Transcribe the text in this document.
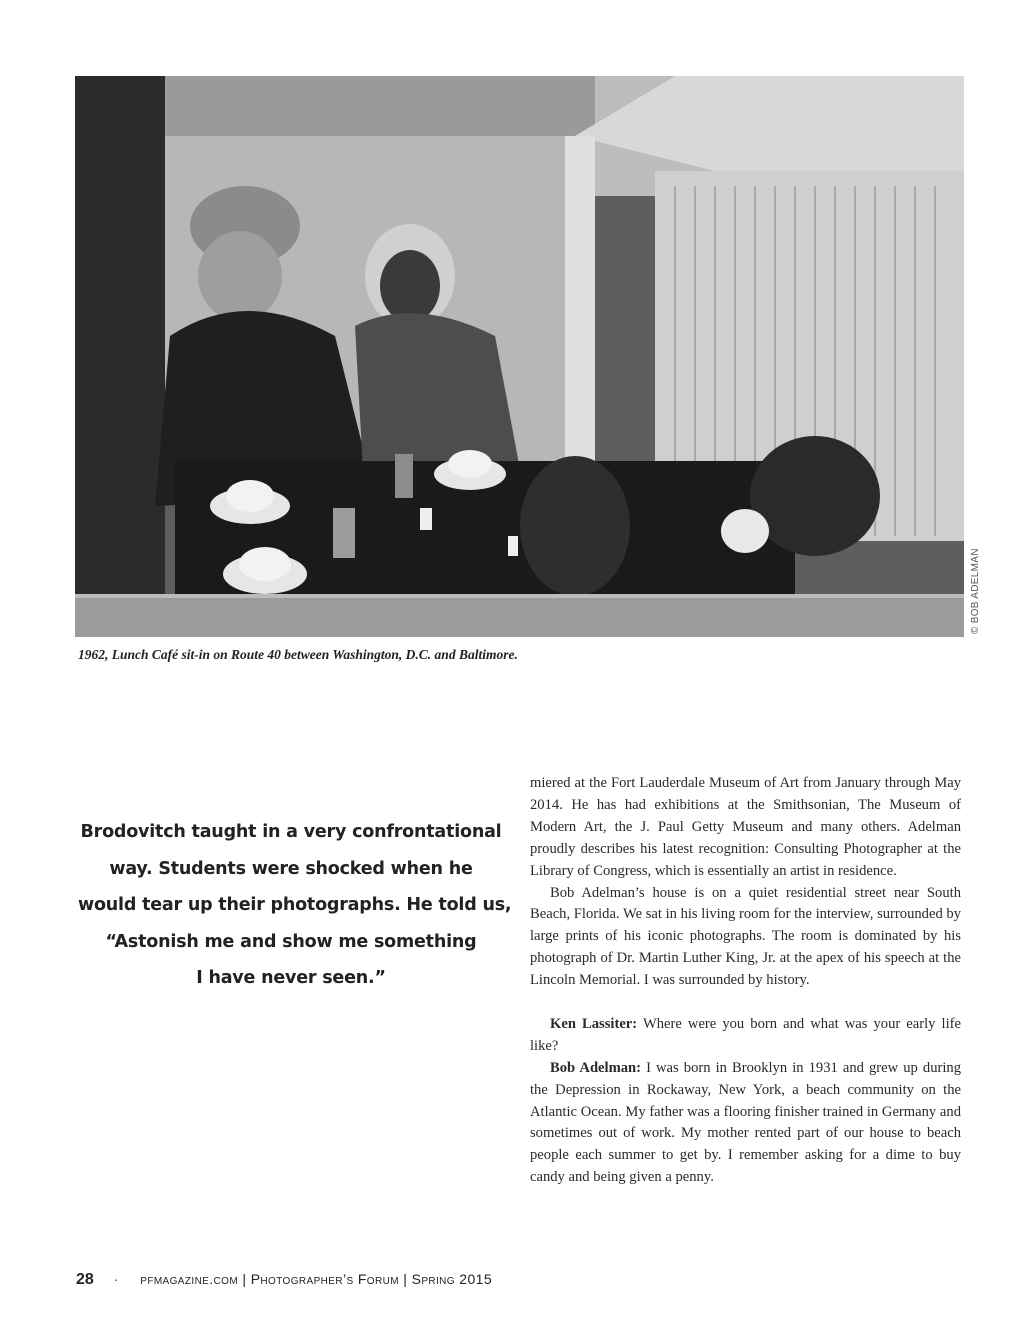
© BOB ADELMAN
1962, Lunch Café sit-in on Route 40 between Washington, D.C. and Baltimore.
Brodovitch taught in a very confrontational
way. Students were shocked when he
would tear up their photographs. He told us,
“Astonish me and show me something
I have never seen.”

miered at the Fort Lauderdale Museum of Art from January through May 2014. He has had exhibitions at the Smithsonian, The Museum of Modern Art, the J. Paul Getty Museum and many others. Adelman proudly describes his latest recognition: Consulting Photographer at the Library of Congress, which is essentially an artist in residence.

Bob Adelman’s house is on a quiet residential street near South Beach, Florida. We sat in his living room for the interview, surrounded by large prints of his iconic photographs. The room is dominated by his photograph of Dr. Martin Luther King, Jr. at the apex of his speech at the Lincoln Memorial. I was surrounded by history.

Ken Lassiter: Where were you born and what was your early life like?

Bob Adelman: I was born in Brooklyn in 1931 and grew up during the Depression in Rockaway, New York, a beach community on the Atlantic Ocean. My father was a flooring finisher trained in Germany and sometimes out of work. My mother rented part of our house to beach people each summer to get by. I remember asking for a dime to buy candy and being given a penny.

28 · pfmagazine.com | Photographer’s Forum | Spring 2015
